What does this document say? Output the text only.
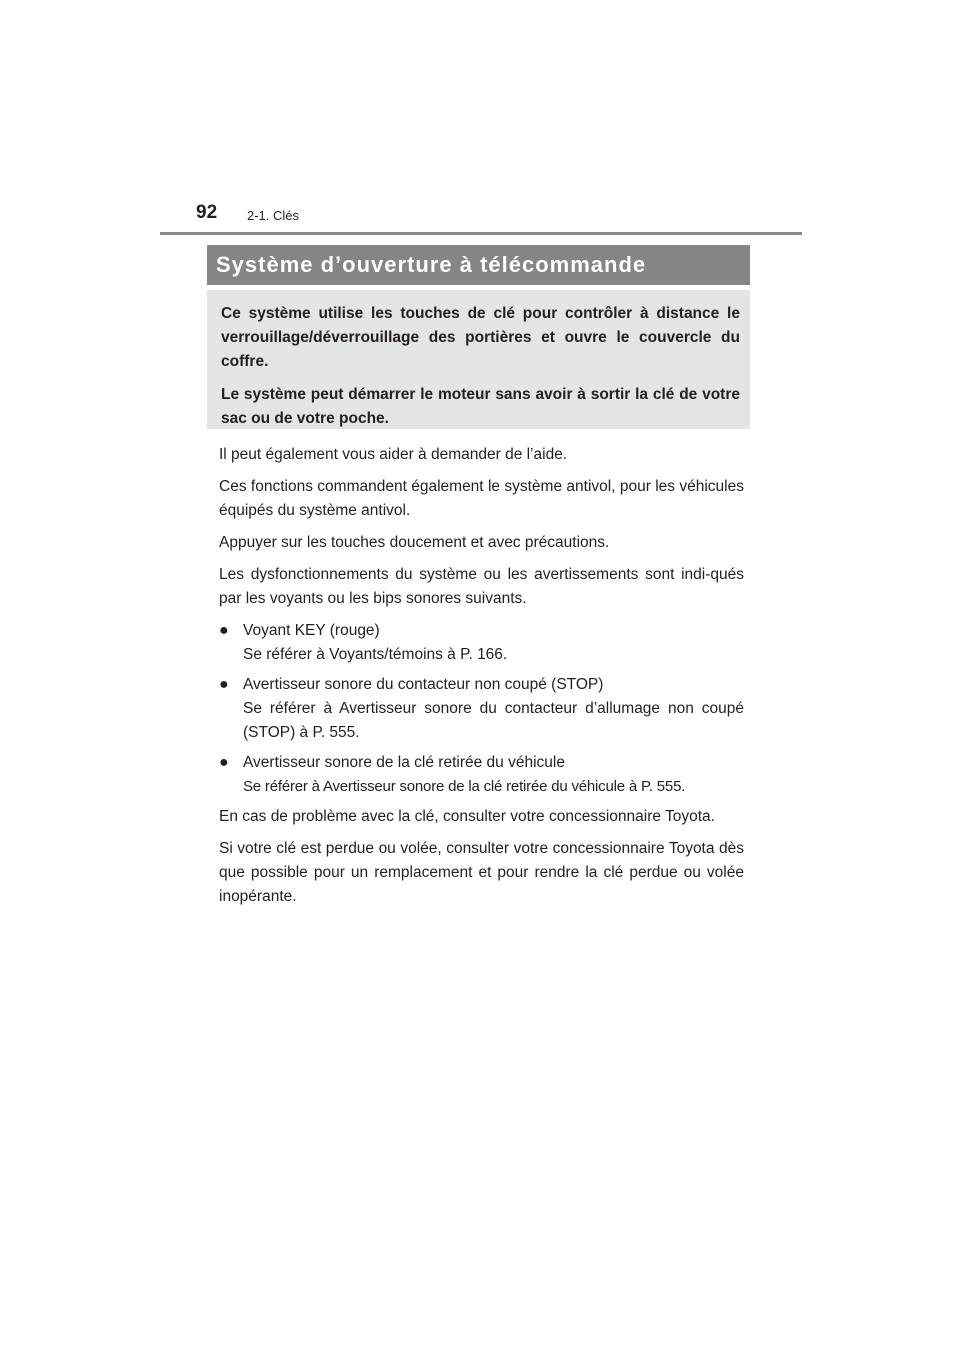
92 2-1. Clés
Système d’ouverture à télécommande

Ce système utilise les touches de clé pour contrôler à distance le verrouillage/déverrouillage des portières et ouvre le couvercle du coffre.

Le système peut démarrer le moteur sans avoir à sortir la clé de votre sac ou de votre poche.

Il peut également vous aider à demander de l’aide.

Ces fonctions commandent également le système antivol, pour les véhicules équipés du système antivol.

Appuyer sur les touches doucement et avec précautions.

Les dysfonctionnements du système ou les avertissements sont indi-qués par les voyants ou les bips sonores suivants.

● Voyant KEY (rouge)
Se référer à Voyants/témoins à P. 166.
● Avertisseur sonore du contacteur non coupé (STOP)
Se référer à Avertisseur sonore du contacteur d’allumage non coupé (STOP) à P. 555.
● Avertisseur sonore de la clé retirée du véhicule
Se référer à Avertisseur sonore de la clé retirée du véhicule à P. 555.

En cas de problème avec la clé, consulter votre concessionnaire Toyota.

Si votre clé est perdue ou volée, consulter votre concessionnaire Toyota dès que possible pour un remplacement et pour rendre la clé perdue ou volée inopérante.
